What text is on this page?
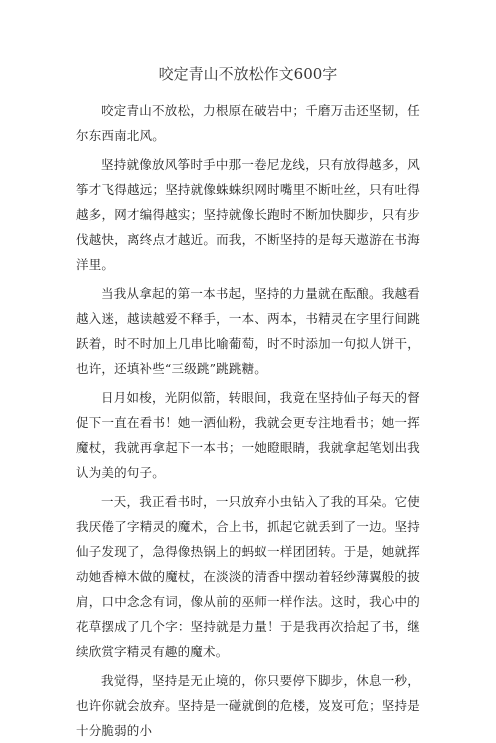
咬定青山不放松作文600字

咬定青山不放松，力根原在破岩中；千磨万击还坚韧，任尔东西南北风。

坚持就像放风筝时手中那一卷尼龙线，只有放得越多，风筝才飞得越远；坚持就像蛛蛛织网时嘴里不断吐丝，只有吐得越多，网才编得越实；坚持就像长跑时不断加快脚步，只有步伐越快，离终点才越近。而我，不断坚持的是每天遨游在书海洋里。

当我从拿起的第一本书起，坚持的力量就在酝酿。我越看越入迷，越读越爱不释手，一本、两本，书精灵在字里行间跳跃着，时不时加上几串比喻葡萄，时不时添加一句拟人饼干，也许，还填补些“三级跳”跳跳糖。

日月如梭，光阴似箭，转眼间，我竟在坚持仙子每天的督促下一直在看书！她一洒仙粉，我就会更专注地看书；她一挥魔杖，我就再拿起下一本书；一她瞪眼睛，我就拿起笔划出我认为美的句子。

一天，我正看书时，一只放弃小虫钻入了我的耳朵。它使我厌倦了字精灵的魔术，合上书，抓起它就丢到了一边。坚持仙子发现了，急得像热锅上的蚂蚁一样团团转。于是，她就挥动她香樟木做的魔杖，在淡淡的清香中摆动着轻纱薄翼般的披肩，口中念念有词，像从前的巫师一样作法。这时，我心中的花草摆成了几个字：坚持就是力量！于是我再次拾起了书，继续欣赏字精灵有趣的魔术。

我觉得，坚持是无止境的，你只要停下脚步，休息一秒，也许你就会放弃。坚持是一碰就倒的危楼，岌岌可危；坚持是十分脆弱的小
